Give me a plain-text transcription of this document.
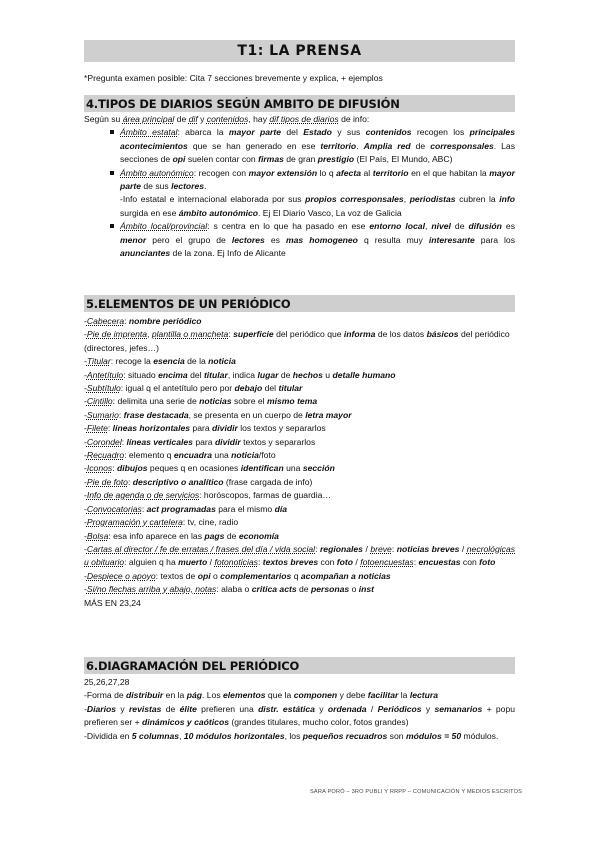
T1: LA PRENSA
*Pregunta examen posible: Cita 7 secciones brevemente y explica, + ejemplos
4.TIPOS DE DIARIOS SEGÚN AMBITO DE DIFUSIÓN

Según su área principal de dif y contenidos, hay dif tipos de diarios de info:

Ámbito estatal: abarca la mayor parte del Estado y sus contenidos recogen los principales acontecimientos que se han generado en ese territorio. Amplia red de corresponsales. Las secciones de opi suelen contar con firmas de gran prestigio (El País, El Mundo, ABC)
Ámbito autonómico: recogen con mayor extensión lo q afecta al territorio en el que habitan la mayor parte de sus lectores.
-Info estatal e internacional elaborada por sus propios corresponsales, periodistas cubren la info surgida en ese ámbito autonómico. Ej El Diario Vasco, La voz de Galicia
Ámbito local/provincial: s centra en lo que ha pasado en ese entorno local, nivel de difusión es menor pero el grupo de lectores es mas homogeneo q resulta muy interesante para los anunciantes de la zona. Ej Info de Alicante
5.ELEMENTOS DE UN PERIÓDICO

-Cabecera: nombre periódico

-Pie de imprenta, plantilla o mancheta: superficie del periódico que informa de los datos básicos del periódico (directores, jefes…)

-Titular: recoge la esencia de la noticia

-Antetítulo: situado encima del titular, indica lugar de hechos u detalle humano

-Subtítulo: igual q el antetítulo pero por debajo del titular

-Cintillo: delimita una serie de noticias sobre el mismo tema

-Sumario: frase destacada, se presenta en un cuerpo de letra mayor

-Filete: líneas horizontales para dividir los textos y separarlos

-Corondel: líneas verticales para dividir textos y separarlos

-Recuadro: elemento q encuadra una noticia/foto

-Iconos: dibujos peques q en ocasiones identifican una sección

-Pie de foto: descriptivo o analítico (frase cargada de info)

-Info de agenda o de servicios: horóscopos, farmas de guardia…

-Convocatorias: act programadas para el mismo día

-Programación y cartelera: tv, cine, radio

-Bolsa: esa info aparece en las pags de economía

-Cartas al director / fe de erratas / frases del día / vida social: regionales / breve: noticias breves / necrológicas u obituario: alguien q ha muerto / fotonoticias: textos breves con foto / fotoencuestas: encuestas con foto

-Despiece o apoyo: textos de opi o complementarios q acompañan a noticias

-Si/no flechas arriba y abajo, notas: alaba o critica acts de personas o inst

MÁS EN 23,24

6.DIAGRAMACIÓN DEL PERIÓDICO

25,26,27,28

-Forma de distribuir en la pág. Los elementos que la componen y debe facilitar la lectura

-Diarios y revistas de élite prefieren una distr. estática y ordenada / Periódicos y semanarios + popu prefieren ser + dinámicos y caóticos (grandes titulares, mucho color, fotos grandes)

-Dividida en 5 columnas, 10 módulos horizontales, los pequeños recuadros son módulos = 50 módulos.

SARA PORÓ – 3RO PUBLI Y RRPP – COMUNICACIÓN Y MEDIOS ESCRITOS
